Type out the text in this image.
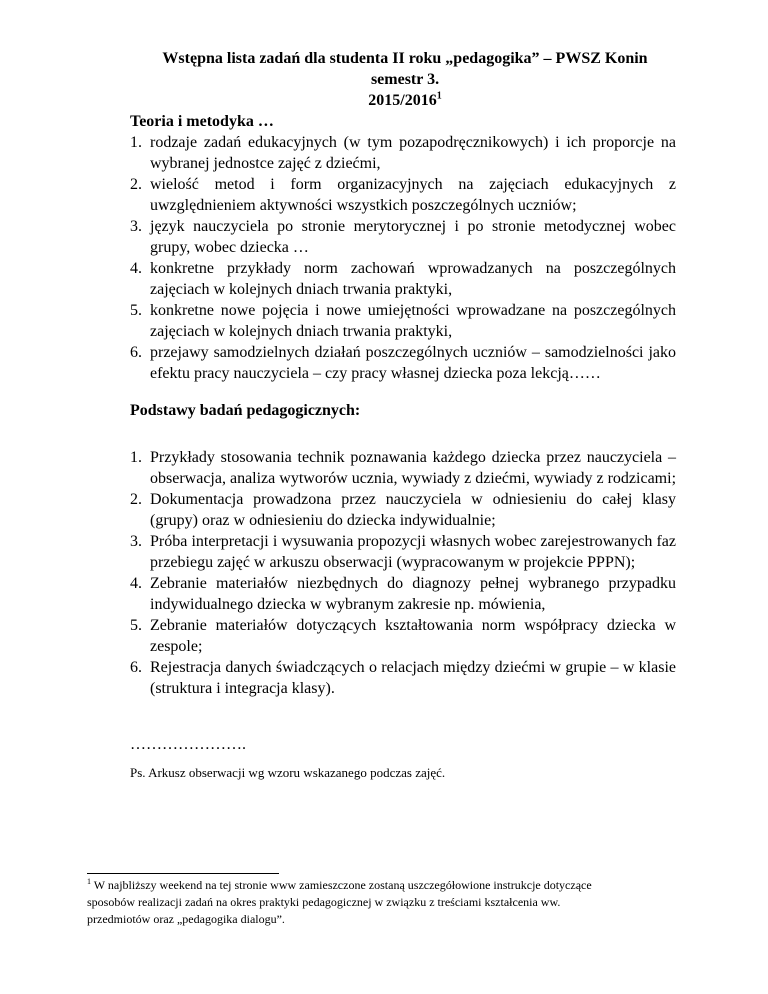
Wstępna lista zadań dla studenta II roku „pedagogika” – PWSZ Konin
semestr 3.
2015/2016$^1$
Teoria i metodyka …
1. rodzaje zadań edukacyjnych (w tym pozapodręcznikowych) i ich proporcje na wybranej jednostce zajęć z dziećmi,
2. wielość metod i form organizacyjnych na zajęciach edukacyjnych z uwzględnieniem aktywności wszystkich poszczególnych uczniów;
3. język nauczyciela po stronie merytorycznej i po stronie metodycznej wobec grupy, wobec dziecka …
4. konkretne przykłady norm zachowań wprowadzanych na poszczególnych zajęciach w kolejnych dniach trwania praktyki,
5. konkretne nowe pojęcia i nowe umiejętności wprowadzane na poszczególnych zajęciach w kolejnych dniach trwania praktyki,
6. przejawy samodzielnych działań poszczególnych uczniów – samodzielności jako efektu pracy nauczyciela – czy pracy własnej dziecka poza lekcją……
Podstawy badań pedagogicznych:
1. Przykłady stosowania technik poznawania każdego dziecka przez nauczyciela – obserwacja, analiza wytworów ucznia, wywiady z dziećmi, wywiady z rodzicami;
2. Dokumentacja prowadzona przez nauczyciela w odniesieniu do całej klasy (grupy) oraz w odniesieniu do dziecka indywidualnie;
3. Próba interpretacji i wysuwania propozycji własnych wobec zarejestrowanych faz przebiegu zajęć w arkuszu obserwacji (wypracowanym w projekcie PPPN);
4. Zebranie materiałów niezbędnych do diagnozy pełnej wybranego przypadku indywidualnego dziecka w wybranym zakresie np. mówienia,
5. Zebranie materiałów dotyczących kształtowania norm współpracy dziecka w zespole;
6. Rejestracja danych świadczących o relacjach między dziećmi w grupie – w klasie (struktura i integracja klasy).
………………….
Ps. Arkusz obserwacji wg wzoru wskazanego podczas zajęć.
$^1$ W najbliższy weekend na tej stronie www zamieszczone zostaną uszczegółowione instrukcje dotyczące
sposobów realizacji zadań na okres praktyki pedagogicznej w związku z treściami kształcenia ww.
przedmiotów oraz „pedagogika dialogu”.
